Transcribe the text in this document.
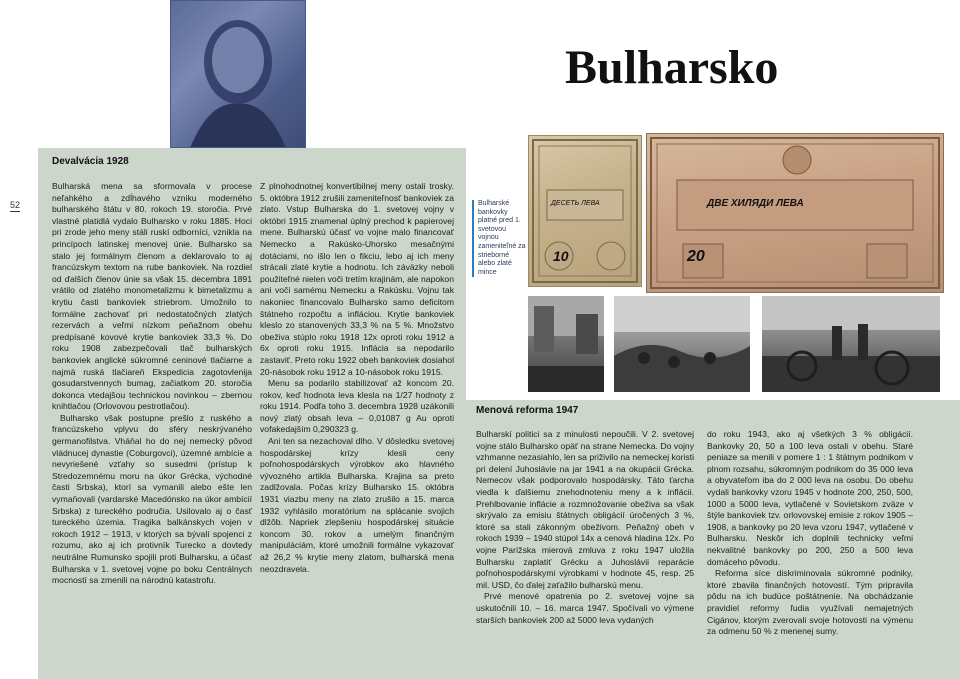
52
Bulharsko
Devalvácia 1928

Bulharská mena sa sformovala v procese neľahkého a zdĺhavého vzniku moderného bulharského štátu v 80. rokoch 19. storočia. Prvé vlastné platidlá vydalo Bulharsko v roku 1885. Hoci pri zrode jeho meny stáli ruskí odborníci, vznikla na princípoch latinskej menovej únie. Bulharsko sa stalo jej formálnym členom a deklarovalo to aj francúzskym textom na rube bankoviek. Na rozdiel od ďalších členov únie sa však 15. decembra 1891 vrátilo od zlatého monometalizmu k bimetalizmu a krytiu časti bankoviek striebrom. Umožnilo to formálne zachovať pri nedostatočných zlatých rezervách a veľmi nízkom peňažnom obehu predpísané kovové krytie bankoviek 33,3 %. Do roku 1908 zabezpečovali tlač bulharských bankoviek anglické súkromné ceninové tlačiarne a najmä ruská tlačiareň Ekspedicia zagotovlenija gosudarstvennych bumag, začiatkom 20. storočia dokonca vtedajšou technickou novinkou – zbernou knihtlačou (Orlovovou pestrotlačou).

Bulharsko však postupne prešlo z ruského a francúzskeho vplyvu do sféry neskrývaného germanofilstva. Vháňal ho do nej nemecký pôvod vládnucej dynastie (Coburgovci), územné ambície a nevyriešené vzťahy so susedmi (prístup k Stredozemnému moru na úkor Grécka, východné časti Srbska), ktorí sa vymanili alebo ešte len vymaňovali (vardarské Macedónsko na úkor ambícií Srbska) z tureckého područia. Usilovalo aj o časť tureckého územia. Tragika balkánskych vojen v rokoch 1912 – 1913, v ktorých sa bývalí spojenci z rozumu, ako aj ich protivník Turecko a dovtedy neutrálne Rumunsko spojili proti Bulharsku, a účasť Bulharska v 1. svetovej vojne po boku Centrálnych mocností sa zmenili na národnú katastrofu.

Z plnohodnotnej konvertibilnej meny ostali trosky. 5. októbra 1912 zrušili zameniteľnosť bankoviek za zlato. Vstup Bulharska do 1. svetovej vojny v októbri 1915 znamenal úplný prechod k papierovej mene. Bulharskú účasť vo vojne malo financovať Nemecko a Rakúsko-Uhorsko mesačnými dotáciami, no išlo len o fikciu, lebo aj ich meny strácali zlaté krytie a hodnotu. Ich záväzky neboli použiteľné nielen voči tretím krajinám, ale napokon ani voči samému Nemecku a Rakúsku. Vojnu tak nakoniec financovalo Bulharsko samo deficitom štátneho rozpočtu a infláciou. Krytie bankoviek kleslo zo stanovených 33,3 % na 5 %. Množstvo obeživa stúplo roku 1918 12x oproti roku 1912 a 6x oproti roku 1915. Inflácia sa nepodarilo zastaviť. Preto roku 1922 obeh bankoviek dosiahol 20-násobok roku 1912 a 10-násobok roku 1915.

Menu sa podarilo stabilizovať až koncom 20. rokov, keď hodnota leva klesla na 1/27 hodnoty z roku 1914. Podľa toho 3. decembra 1928 uzákonili nový zlatý obsah leva – 0,01087 g Au oproti vofakedajším 0,290323 g.

Ani ten sa nezachoval dlho. V dôsledku svetovej hospodárskej krízy klesli ceny poľnohospodárskych výrobkov ako hlavného vývozného artikla Bulharska. Krajina sa preto zadlžovala. Počas krízy Bulharsko 15. októbra 1931 viazbu meny na zlato zrušilo a 15. marca 1932 vyhlásilo moratórium na splácanie svojich dlžôb. Napriek zlepšeniu hospodárskej situácie koncom 30. rokov a umelým finančným manipuláciám, ktoré umožnili formálne vykazovať až 26,2 % krytie meny zlatom, bulharská mena neozdravela.

Bulharské bankovky platné pred 1. svetovou vojnou zameniteľné za strieborné alebo zlaté mince
ДЕСЕТЬ ЛЕВА
10
ДВЕ ХИЛЯДИ ЛЕВА
20
Menová reforma 1947

Bulharskí politici sa z minulosti nepoučili. V 2. svetovej vojne stálo Bulharsko opäť na strane Nemecka. Do vojny vzhmanne nezasiahlo, len sa priživilo na nemeckej koristi pri delení Juhoslávie na jar 1941 a na okupácii Grécka. Nemecov však podporovalo hospodársky. Táto ťarcha viedla k ďalšiemu znehodnoteniu meny a k inflácii. Prehlbovanie inflácie a rozmnožovanie obeživa sa však skrývalo za emisiu štátnych obligácií úročených 3 %, ktoré sa stali zákonným obeživom. Peňažný obeh v rokoch 1939 – 1940 stúpol 14x a cenová hladina 12x. Po vojne Parížska mierová zmluva z roku 1947 uložila Bulharsku zaplatiť Grécku a Juhoslávii reparácie poľnohospodárskymi výrobkami v hodnote 45, resp. 25 mil. USD, čo ďalej zaťažilo bulharskú menu.

Prvé menové opatrenia po 2. svetovej vojne sa uskutočnili 10. – 16. marca 1947. Spočívali vo výmene starších bankoviek 200 až 5000 leva vydaných

do roku 1943, ako aj všetkých 3 % obligácií. Bankovky 20, 50 a 100 leva ostali v obehu. Staré peniaze sa menili v pomere 1 : 1 štátnym podnikom v plnom rozsahu, súkromným podnikom do 35 000 leva a obyvateľom iba do 2 000 leva na osobu. Do obehu vydali bankovky vzoru 1945 v hodnote 200, 250, 500, 1000 a 5000 leva, vytlačené v Sovietskom zväze v štýle bankoviek tzv. orlovovskej emisie z rokov 1905 – 1908, a bankovky po 20 leva vzoru 1947, vytlačené v Bulharsku. Neskôr ich doplnili technicky veľmi nekvalitné bankovky po 200, 250 a 500 leva domáceho pôvodu.

Reforma síce diskriminovala súkromné podniky, ktoré zbavila finančných hotovostí. Tým pripravila pôdu na ich budúce poštátnenie. Na obchádzanie pravidiel reformy ľudia využívali nemajetných Cigánov, ktorým zverovali svoje hotovosti na výmenu za odmenu 50 % z menenej sumy.
